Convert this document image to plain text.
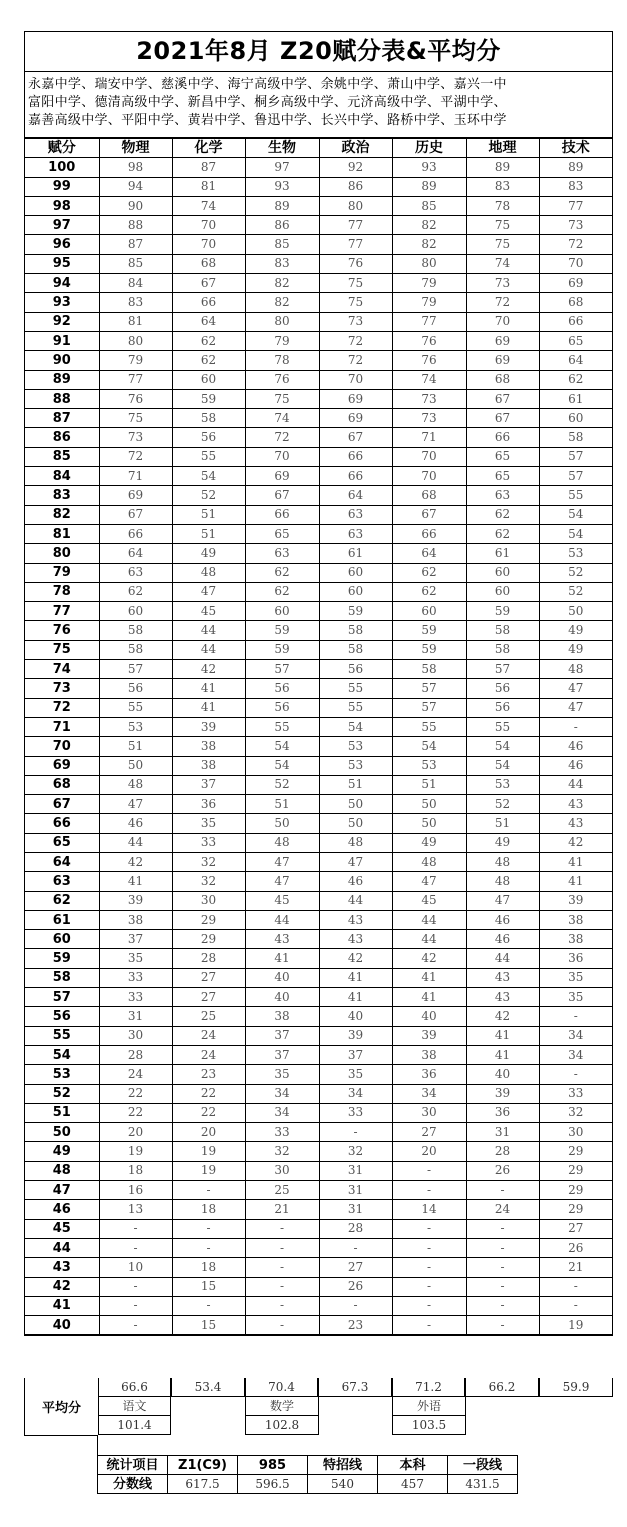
2021年8月 Z20赋分表&平均分
永嘉中学、瑞安中学、慈溪中学、海宁高级中学、余姚中学、萧山中学、嘉兴一中
富阳中学、德清高级中学、新昌中学、桐乡高级中学、元济高级中学、平湖中学、
嘉善高级中学、平阳中学、黄岩中学、鲁迅中学、长兴中学、路桥中学、玉环中学
赋分	物理	化学	生物	政治	历史	地理	技术
100	98	87	97	92	93	89	89
99	94	81	93	86	89	83	83
98	90	74	89	80	85	78	77
97	88	70	86	77	82	75	73
96	87	70	85	77	82	75	72
95	85	68	83	76	80	74	70
94	84	67	82	75	79	73	69
93	83	66	82	75	79	72	68
92	81	64	80	73	77	70	66
91	80	62	79	72	76	69	65
90	79	62	78	72	76	69	64
89	77	60	76	70	74	68	62
88	76	59	75	69	73	67	61
87	75	58	74	69	73	67	60
86	73	56	72	67	71	66	58
85	72	55	70	66	70	65	57
84	71	54	69	66	70	65	57
83	69	52	67	64	68	63	55
82	67	51	66	63	67	62	54
81	66	51	65	63	66	62	54
80	64	49	63	61	64	61	53
79	63	48	62	60	62	60	52
78	62	47	62	60	62	60	52
77	60	45	60	59	60	59	50
76	58	44	59	58	59	58	49
75	58	44	59	58	59	58	49
74	57	42	57	56	58	57	48
73	56	41	56	55	57	56	47
72	55	41	56	55	57	56	47
71	53	39	55	54	55	55	-
70	51	38	54	53	54	54	46
69	50	38	54	53	53	54	46
68	48	37	52	51	51	53	44
67	47	36	51	50	50	52	43
66	46	35	50	50	50	51	43
65	44	33	48	48	49	49	42
64	42	32	47	47	48	48	41
63	41	32	47	46	47	48	41
62	39	30	45	44	45	47	39
61	38	29	44	43	44	46	38
60	37	29	43	43	44	46	38
59	35	28	41	42	42	44	36
58	33	27	40	41	41	43	35
57	33	27	40	41	41	43	35
56	31	25	38	40	40	42	-
55	30	24	37	39	39	41	34
54	28	24	37	37	38	41	34
53	24	23	35	35	36	40	-
52	22	22	34	34	34	39	33
51	22	22	34	33	30	36	32
50	20	20	33	-	27	31	30
49	19	19	32	32	20	28	29
48	18	19	30	31	-	26	29
47	16	-	25	31	-	-	29
46	13	18	21	31	14	24	29
45	-	-	-	28	-	-	27
44	-	-	-	-	-	-	26
43	10	18	-	27	-	-	21
42	-	15	-	26	-	-	-
41	-	-	-	-	-	-	-
40	-	15	-	23	-	-	19
平均分
66.6	53.4	70.4	67.3	71.2	66.2	59.9
语文
101.4
数学
102.8
外语
103.5
统计项目	Z1(C9)	985	特招线	本科	一段线
分数线	617.5	596.5	540	457	431.5
